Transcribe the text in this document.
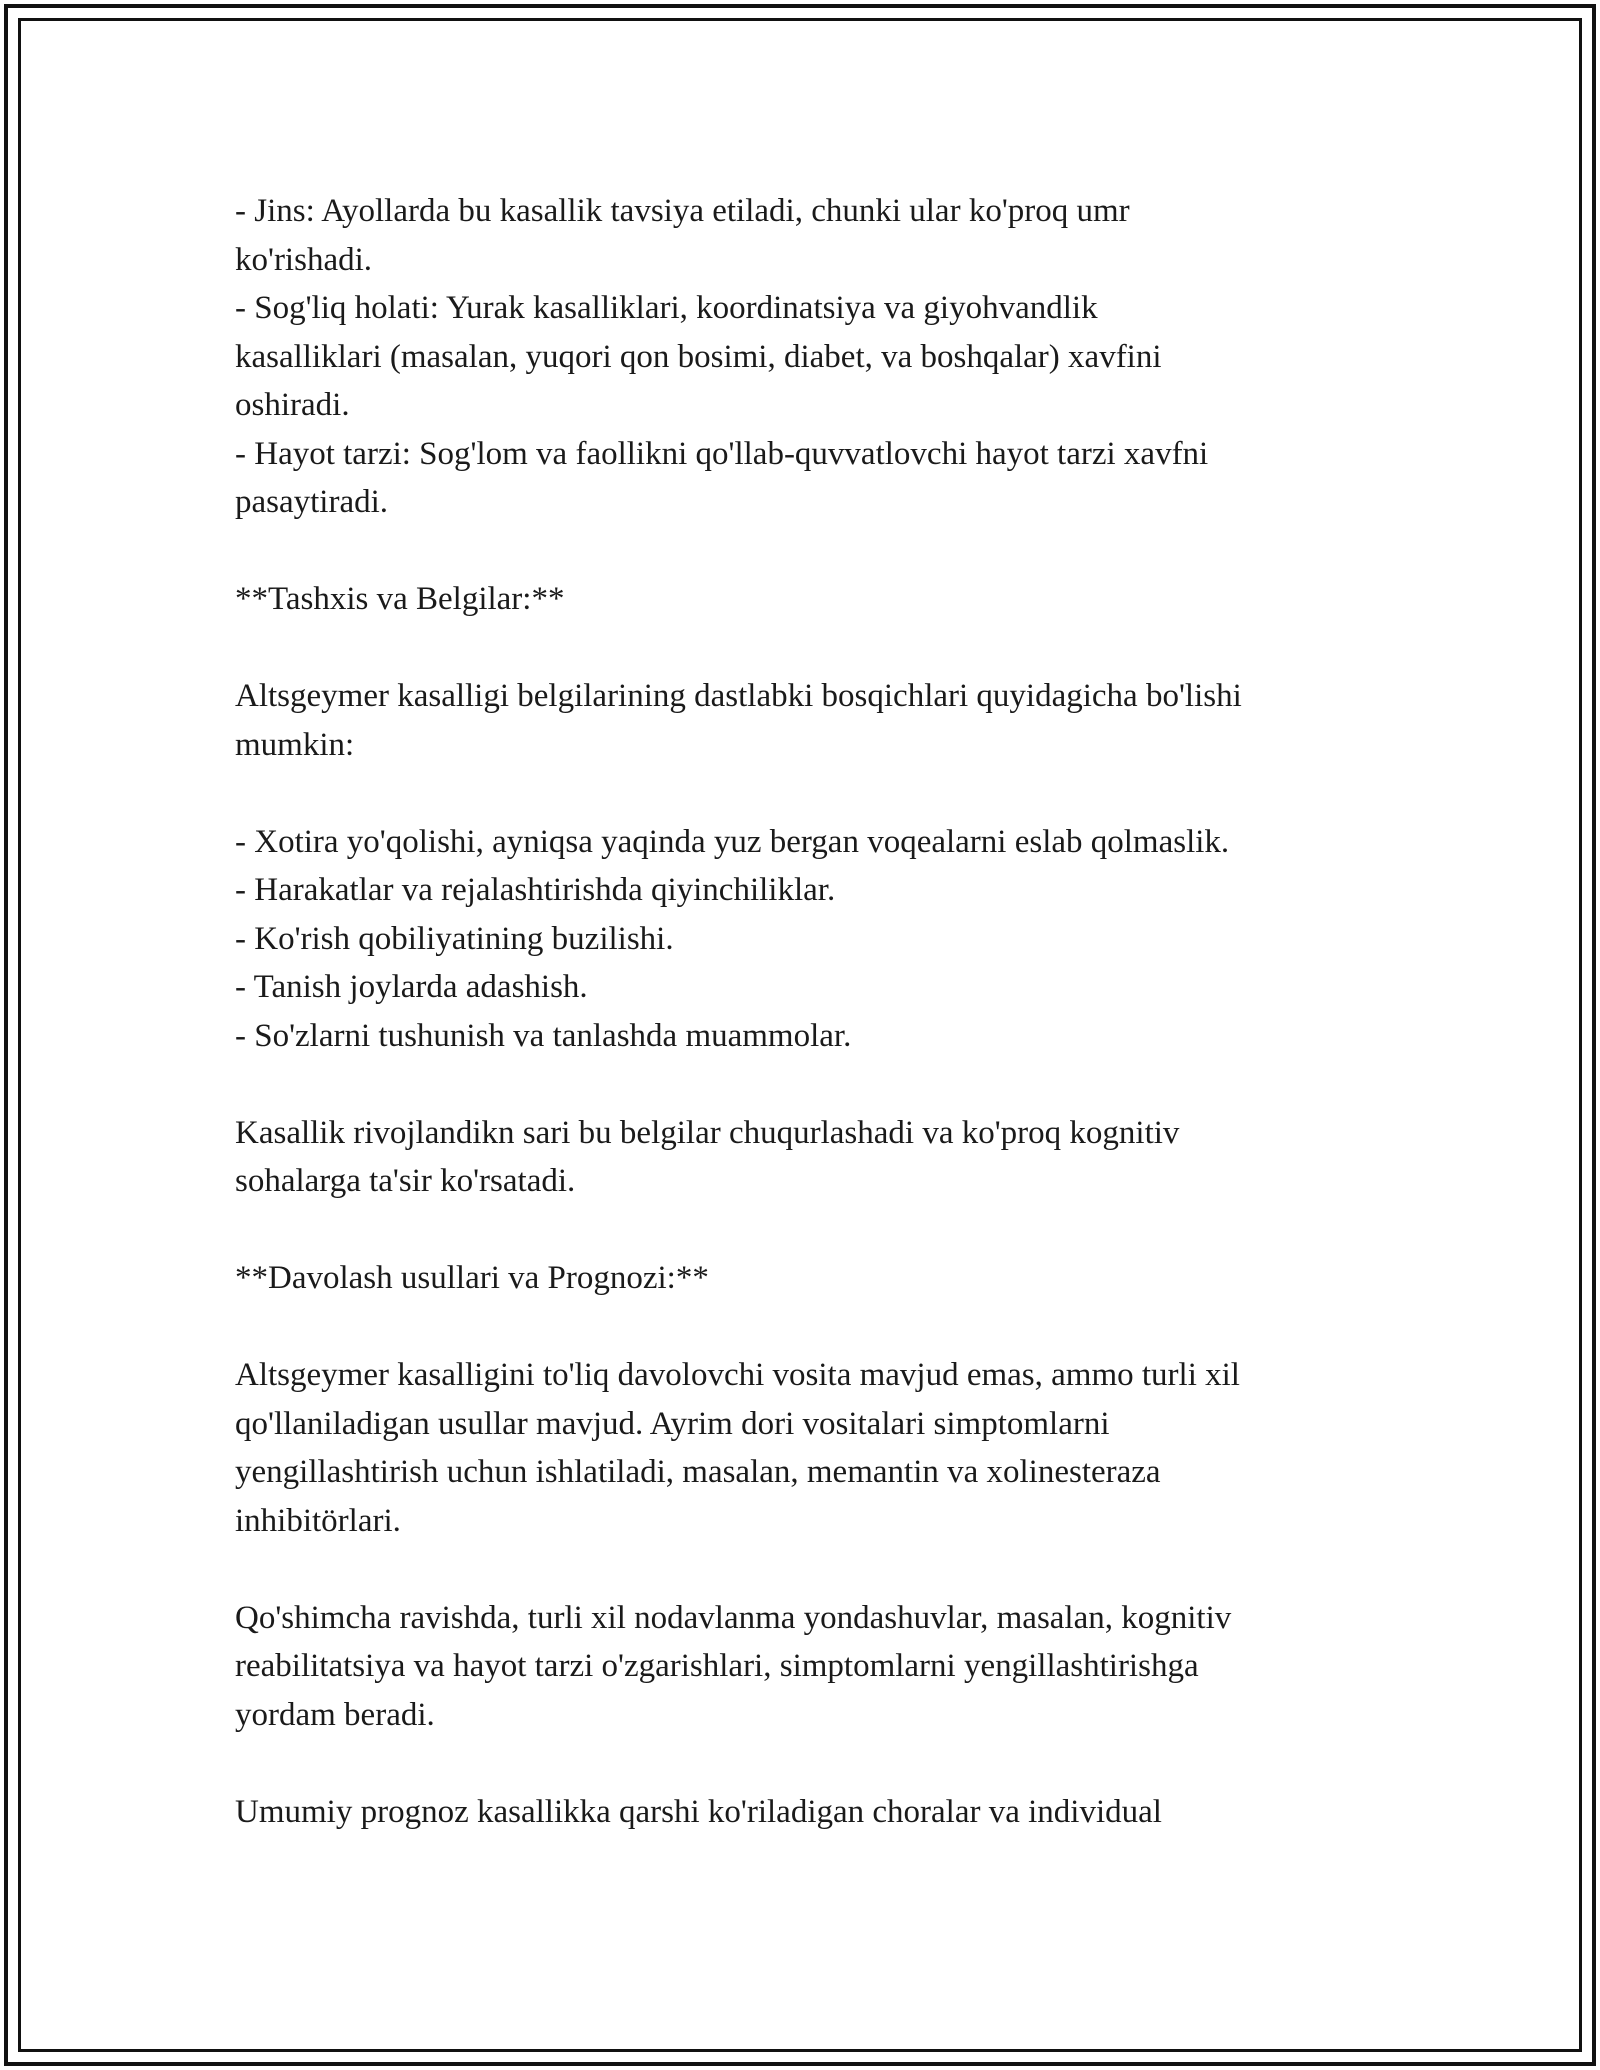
- Jins: Ayollarda bu kasallik tavsiya etiladi, chunki ular ko'proq umr
ko'rishadi.
- Sog'liq holati: Yurak kasalliklari, koordinatsiya va giyohvandlik
kasalliklari (masalan, yuqori qon bosimi, diabet, va boshqalar) xavfini
oshiradi.
- Hayot tarzi: Sog'lom va faollikni qo'llab-quvvatlovchi hayot tarzi xavfni
pasaytiradi.

**Tashxis va Belgilar:**

Altsgeymer kasalligi belgilarining dastlabki bosqichlari quyidagicha bo'lishi
mumkin:

- Xotira yo'qolishi, ayniqsa yaqinda yuz bergan voqealarni eslab qolmaslik.
- Harakatlar va rejalashtirishda qiyinchiliklar.
- Ko'rish qobiliyatining buzilishi.
- Tanish joylarda adashish.
- So'zlarni tushunish va tanlashda muammolar.

Kasallik rivojlandikn sari bu belgilar chuqurlashadi va ko'proq kognitiv
sohalarga ta'sir ko'rsatadi.

**Davolash usullari va Prognozi:**

Altsgeymer kasalligini to'liq davolovchi vosita mavjud emas, ammo turli xil
qo'llaniladigan usullar mavjud. Ayrim dori vositalari simptomlarni
yengillashtirish uchun ishlatiladi, masalan, memantin va xolinesteraza
inhibitörlari.

Qo'shimcha ravishda, turli xil nodavlanma yondashuvlar, masalan, kognitiv
reabilitatsiya va hayot tarzi o'zgarishlari, simptomlarni yengillashtirishga
yordam beradi.

Umumiy prognoz kasallikka qarshi ko'riladigan choralar va individual
